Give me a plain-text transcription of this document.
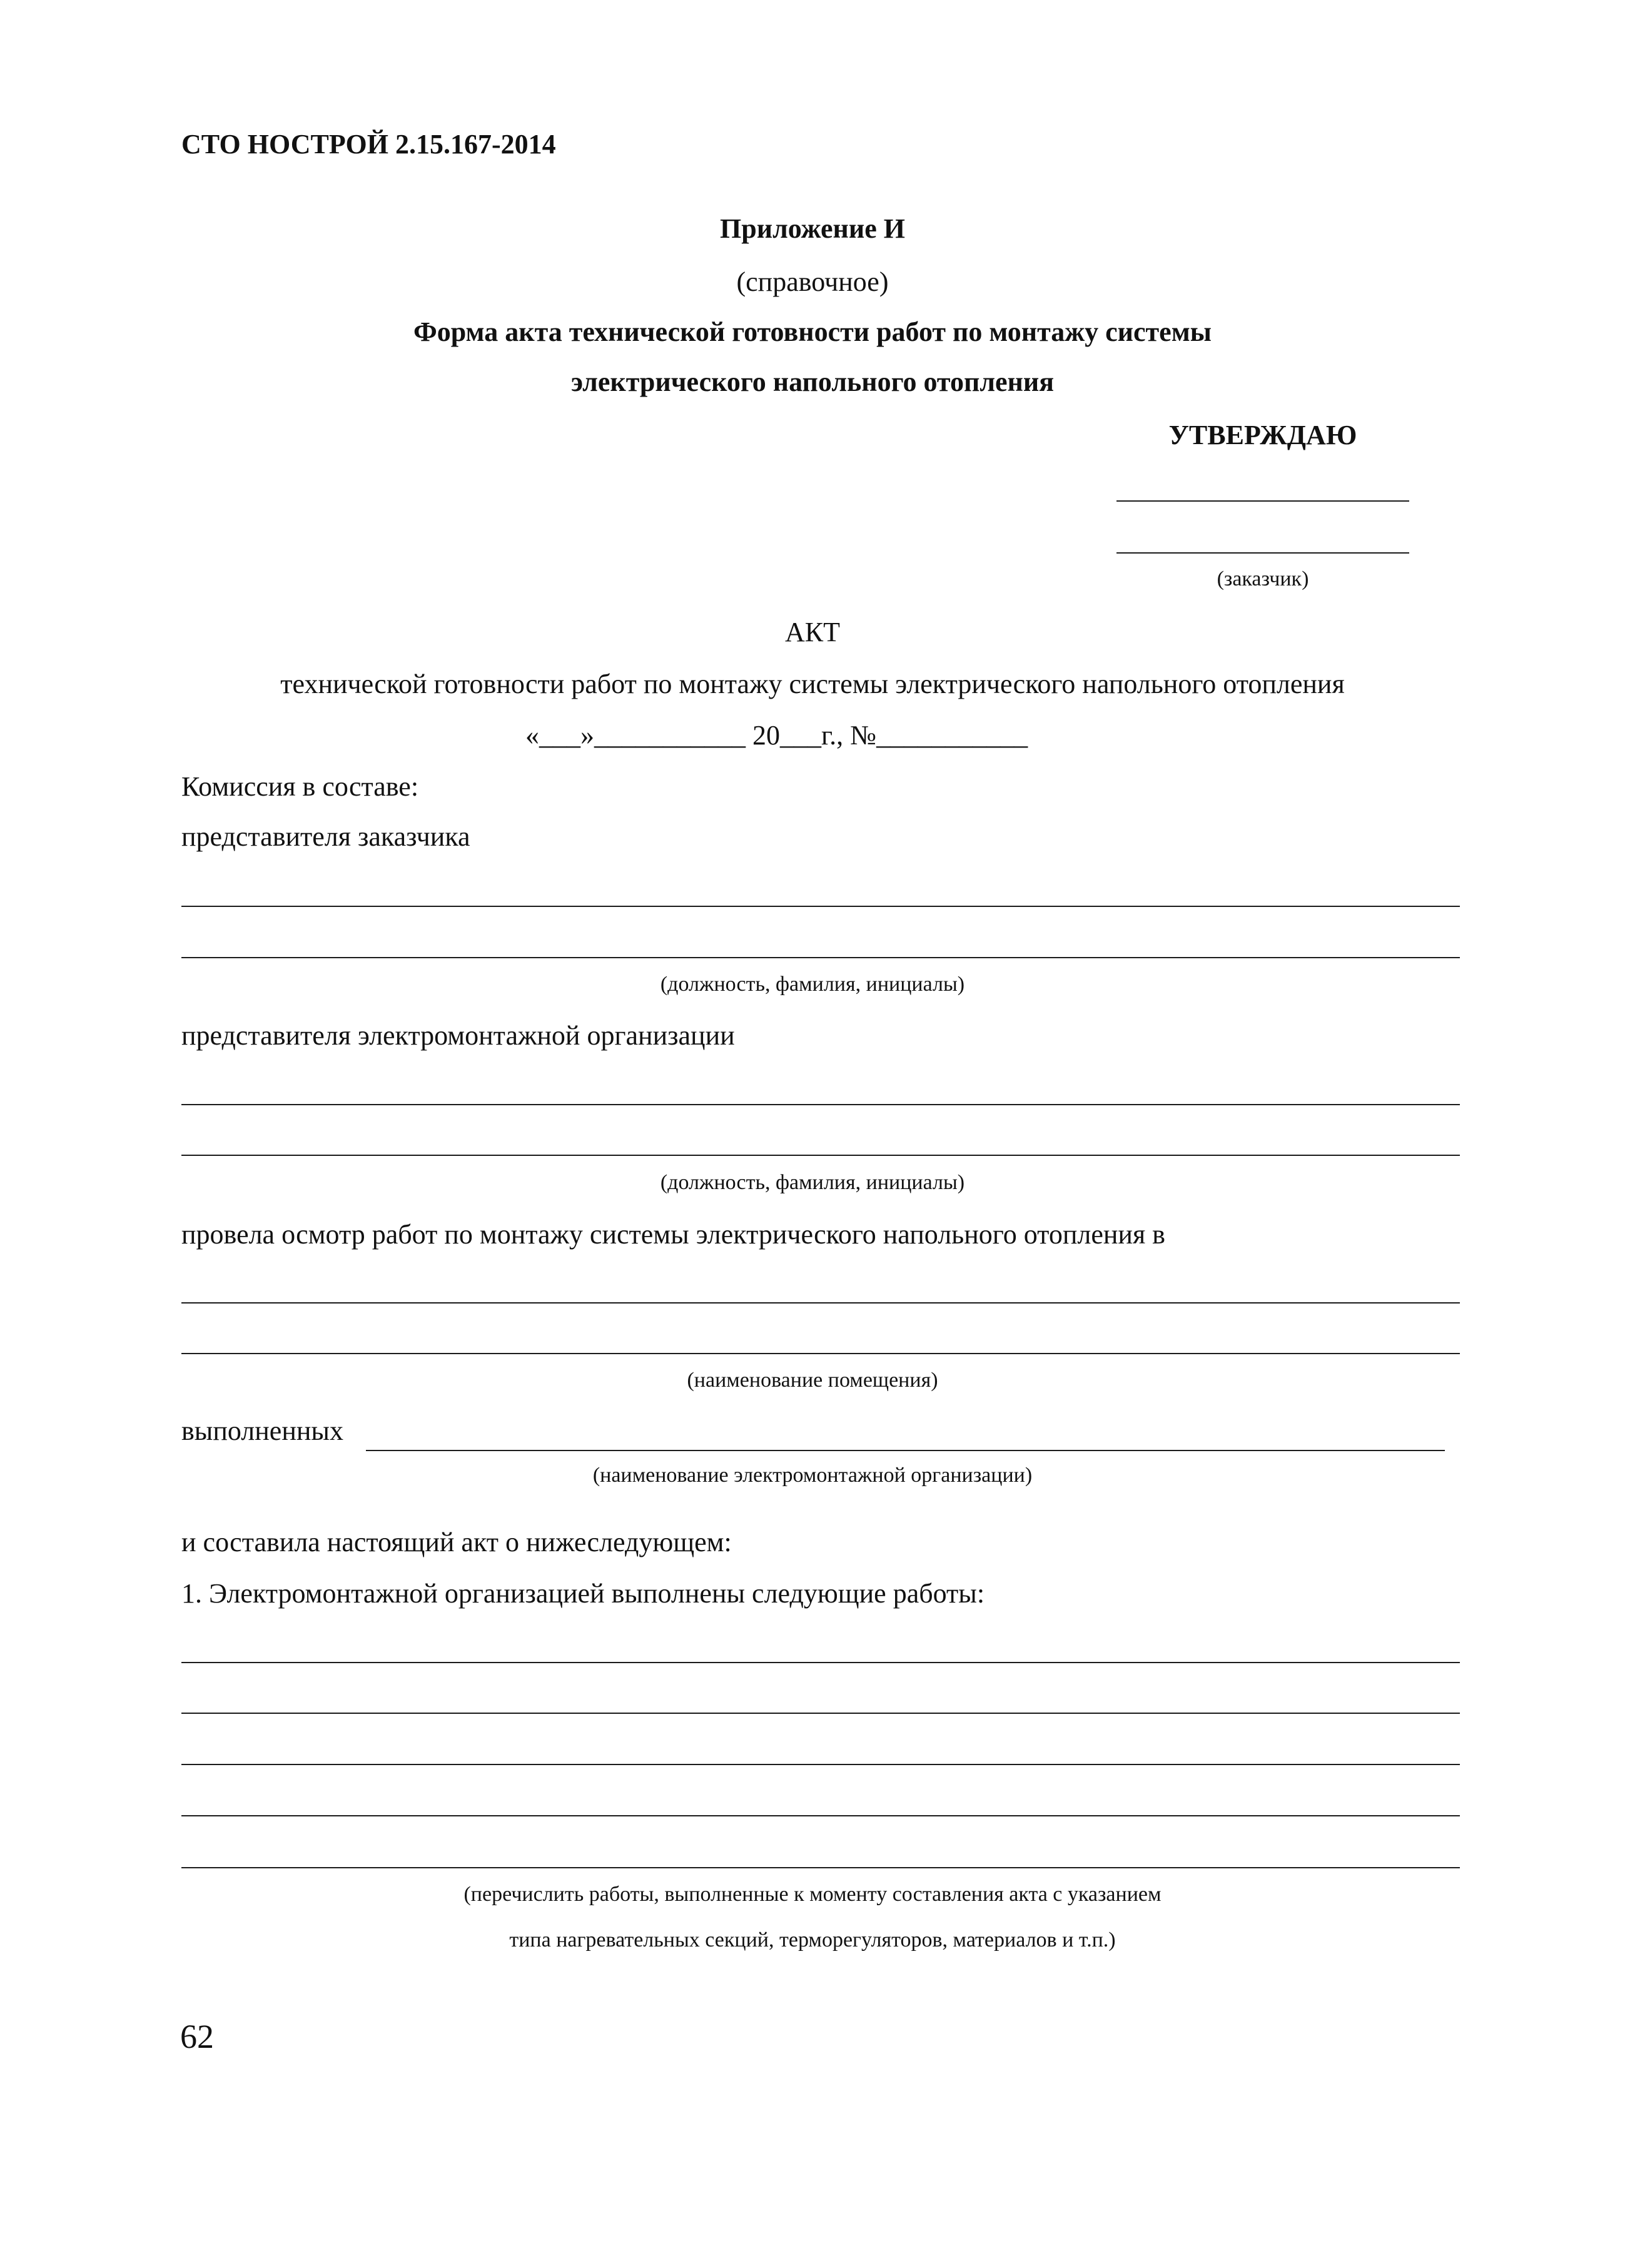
СТО НОСТРОЙ 2.15.167-2014
Приложение И
(справочное)
Форма акта технической готовности работ по монтажу системы
электрического напольного отопления
УТВЕРЖДАЮ
(заказчик)
АКТ
технической готовности работ по монтажу системы электрического напольного отопления
«___»___________ 20___г., №___________
Комиссия в составе:
представителя заказчика
(должность, фамилия, инициалы)
представителя электромонтажной организации
(должность, фамилия, инициалы)
провела осмотр работ по монтажу системы электрического напольного отопления в
(наименование помещения)
выполненных
(наименование электромонтажной организации)
и составила настоящий акт о нижеследующем:
1. Электромонтажной организацией выполнены следующие работы:
(перечислить работы, выполненные к моменту составления акта с указанием
типа нагревательных секций, терморегуляторов, материалов и т.п.)
62
